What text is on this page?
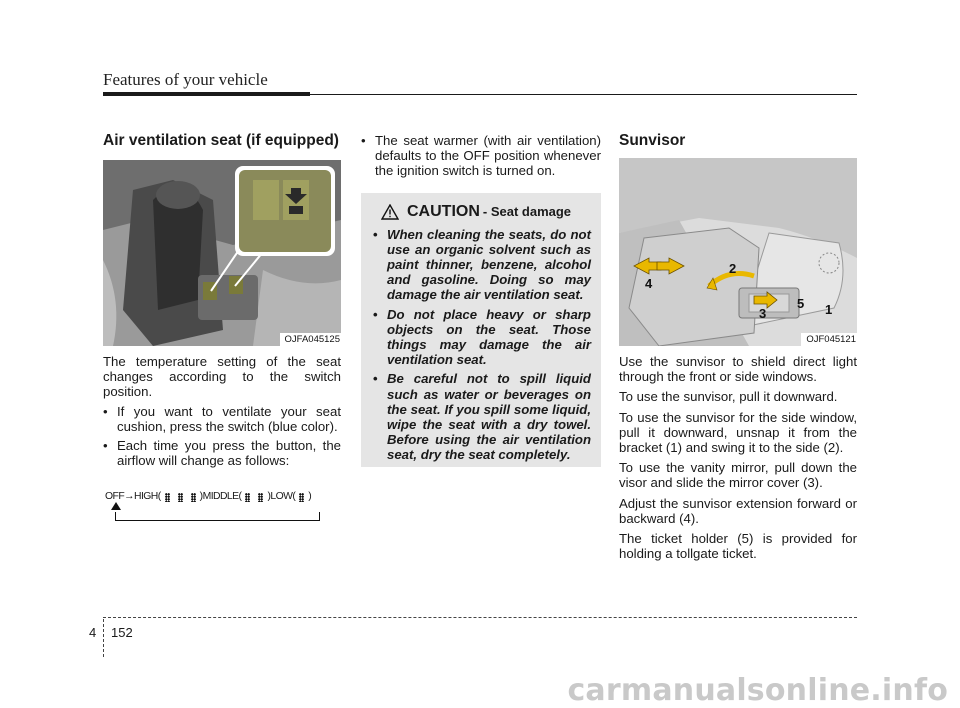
Features of your vehicle
Air ventilation seat (if equipped)
OJFA045125

The temperature setting of the seat changes according to the switch position.

• If you want to ventilate your seat cushion, press the switch (blue color).

• Each time you press the button, the airflow will change as follows:

OFF → HIGH(	)MIDDLE(	)LOW( )

• The seat warmer (with air ventilation) defaults to the OFF position whenever the ignition switch is turned on.

CAUTION - Seat damage
• When cleaning the seats, do not use an organic solvent such as paint thinner, benzene, alcohol and gasoline. Doing so may damage the air ventilation seat.
• Do not place heavy or sharp objects on the seat. Those things may damage the air ventilation seat.
• Be careful not to spill liquid such as water or beverages on the seat. If you spill some liquid, wipe the seat with a dry towel. Before using the air ventilation seat, dry the seat completely.
Sunvisor
2
4
3
5 1
OJF045121

Use the sunvisor to shield direct light through the front or side windows.

To use the sunvisor, pull it downward.

To use the sunvisor for the side window, pull it downward, unsnap it from the bracket (1) and swing it to the side (2).

To use the vanity mirror, pull down the visor and slide the mirror cover (3).

Adjust the sunvisor extension forward or backward (4).

The ticket holder (5) is provided for holding a tollgate ticket.

4 152
carmanualsonline.info
